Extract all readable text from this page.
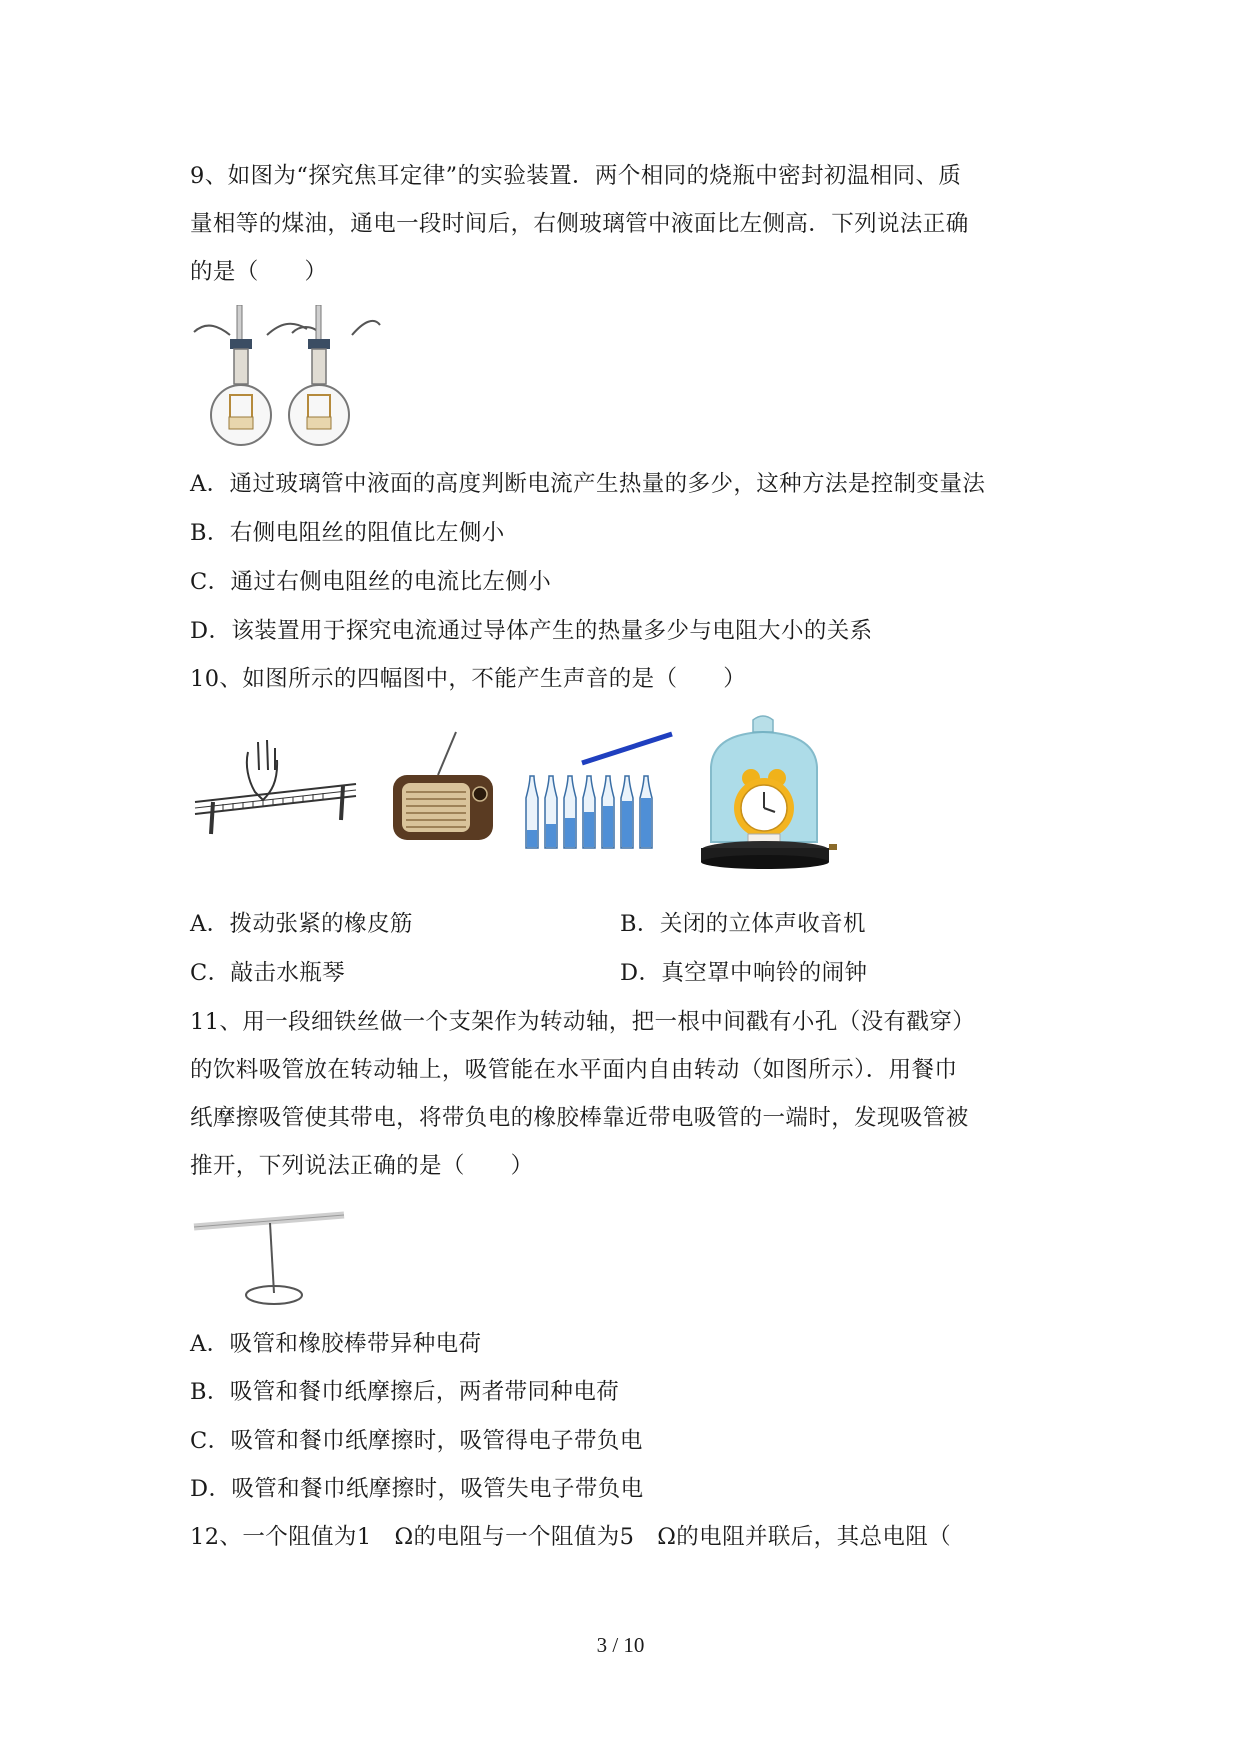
9、如图为“探究焦耳定律”的实验装置．两个相同的烧瓶中密封初温相同、质
量相等的煤油，通电一段时间后，右侧玻璃管中液面比左侧高．下列说法正确
的是（　　）
A．通过玻璃管中液面的高度判断电流产生热量的多少，这种方法是控制变量法
B．右侧电阻丝的阻值比左侧小
C．通过右侧电阻丝的电流比左侧小
D．该装置用于探究电流通过导体产生的热量多少与电阻大小的关系
10、如图所示的四幅图中，不能产生声音的是（　　）
A．拨动张紧的橡皮筋	B．关闭的立体声收音机
C．敲击水瓶琴	D．真空罩中响铃的闹钟
11、用一段细铁丝做一个支架作为转动轴，把一根中间戳有小孔（没有戳穿）
的饮料吸管放在转动轴上，吸管能在水平面内自由转动（如图所示）．用餐巾
纸摩擦吸管使其带电，将带负电的橡胶棒靠近带电吸管的一端时，发现吸管被
推开，下列说法正确的是（　　）
A．吸管和橡胶棒带异种电荷
B．吸管和餐巾纸摩擦后，两者带同种电荷
C．吸管和餐巾纸摩擦时，吸管得电子带负电
D．吸管和餐巾纸摩擦时，吸管失电子带负电
12、一个阻值为1　Ω的电阻与一个阻值为5　Ω的电阻并联后，其总电阻（
3 / 10
